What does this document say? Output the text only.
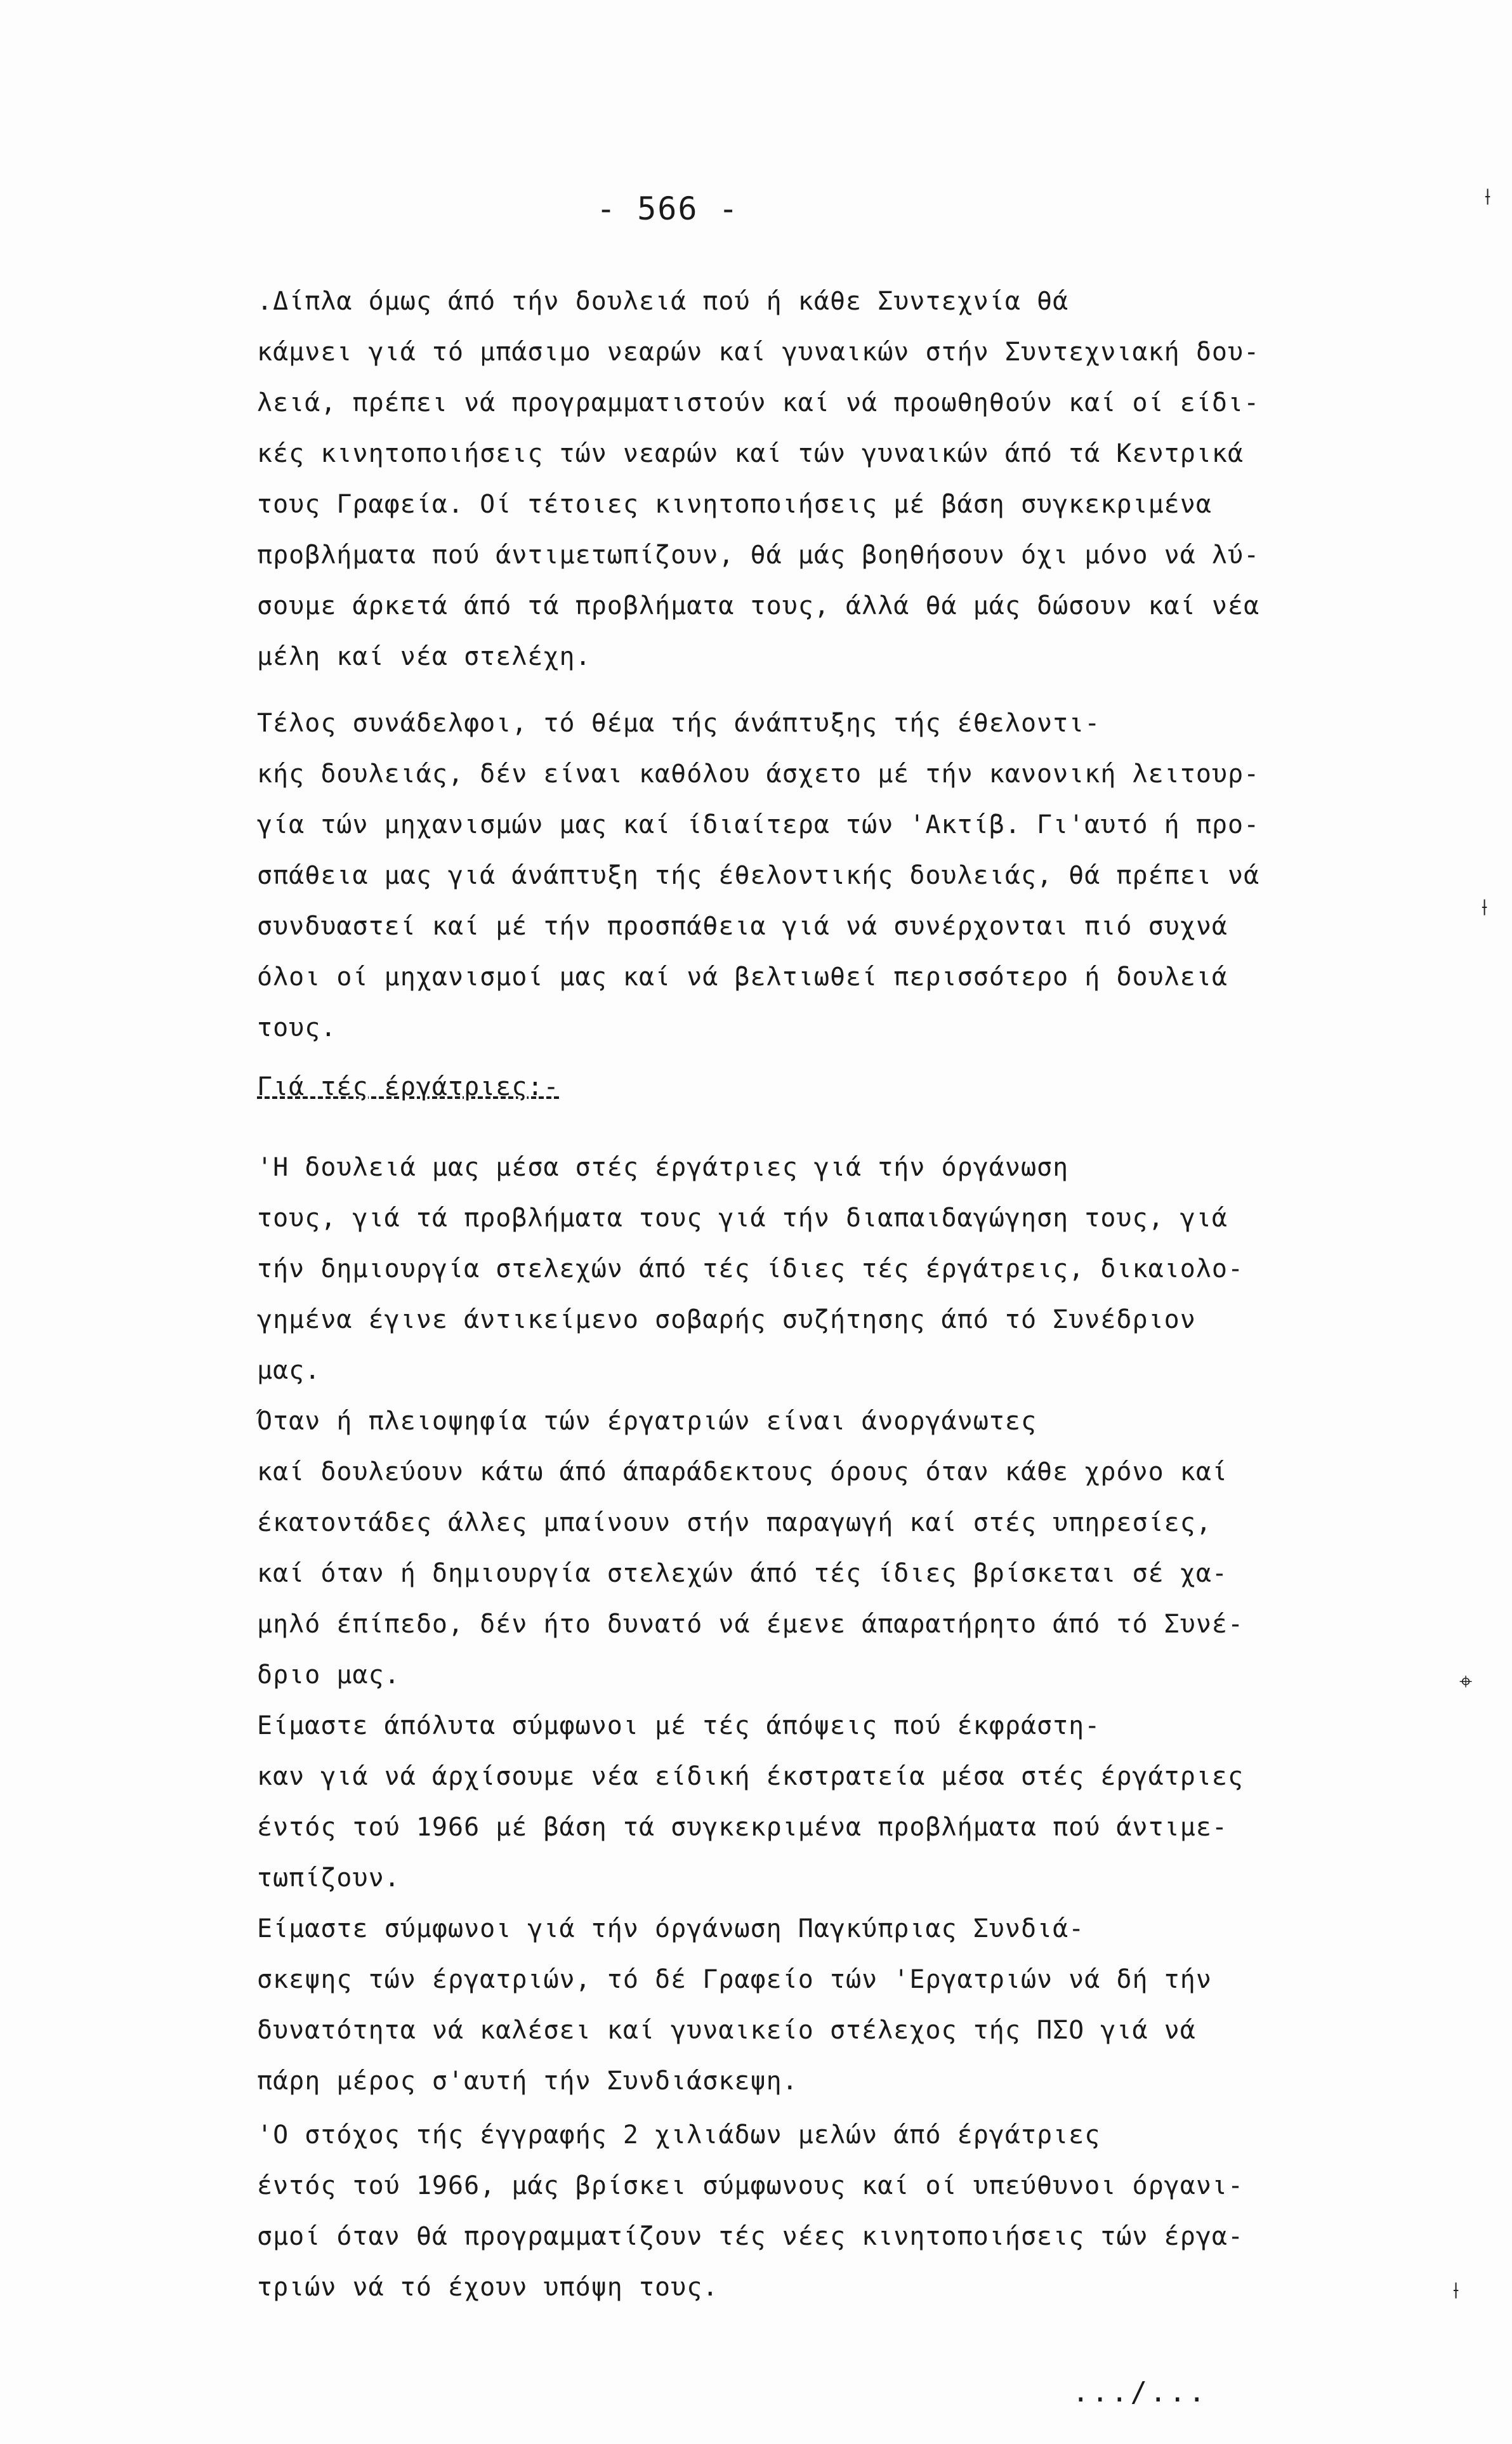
- 566 -
.Δίπλα όμως άπό τήν δουλειά πού ή κάθε Συντεχνία θά
κάμνει γιά τό μπάσιμο νεαρών καί γυναικών στήν Συντεχνιακή δου-
λειά, πρέπει νά προγραμματιστούν καί νά προωθηθούν καί οί είδι-
κές κινητοποιήσεις τών νεαρών καί τών γυναικών άπό τά Κεντρικά
τους Γραφεία. Οί τέτοιες κινητοποιήσεις μέ βάση συγκεκριμένα
προβλήματα πού άντιμετωπίζουν, θά μάς βοηθήσουν όχι μόνο νά λύ-
σουμε άρκετά άπό τά προβλήματα τους, άλλά θά μάς δώσουν καί νέα
μέλη καί νέα στελέχη.
Τέλος συνάδελφοι, τό θέμα τής άνάπτυξης τής έθελοντι-
κής δουλειάς, δέν είναι καθόλου άσχετο μέ τήν κανονική λειτουρ-
γία τών μηχανισμών μας καί ίδιαίτερα τών 'Ακτίβ. Γι'αυτό ή προ-
σπάθεια μας γιά άνάπτυξη τής έθελοντικής δουλειάς, θά πρέπει νά
συνδυαστεί καί μέ τήν προσπάθεια γιά νά συνέρχονται πιό συχνά
όλοι οί μηχανισμοί μας καί νά βελτιωθεί περισσότερο ή δουλειά
τους.
Γιά τές έργάτριες:-
'Η δουλειά μας μέσα στές έργάτριες γιά τήν όργάνωση
τους, γιά τά προβλήματα τους γιά τήν διαπαιδαγώγηση τους, γιά
τήν δημιουργία στελεχών άπό τές ίδιες τές έργάτρεις, δικαιολο-
γημένα έγινε άντικείμενο σοβαρής συζήτησης άπό τό Συνέδριον
μας.
Όταν ή πλειοψηφία τών έργατριών είναι άνοργάνωτες
καί δουλεύουν κάτω άπό άπαράδεκτους όρους όταν κάθε χρόνο καί
έκατοντάδες άλλες μπαίνουν στήν παραγωγή καί στές υπηρεσίες,
καί όταν ή δημιουργία στελεχών άπό τές ίδιες βρίσκεται σέ χα-
μηλό έπίπεδο, δέν ήτο δυνατό νά έμενε άπαρατήρητο άπό τό Συνέ-
δριο μας.
Είμαστε άπόλυτα σύμφωνοι μέ τές άπόψεις πού έκφράστη-
καν γιά νά άρχίσουμε νέα είδική έκστρατεία μέσα στές έργάτριες
έντός τού 1966 μέ βάση τά συγκεκριμένα προβλήματα πού άντιμε-
τωπίζουν.
Είμαστε σύμφωνοι γιά τήν όργάνωση Παγκύπριας Συνδιά-
σκεψης τών έργατριών, τό δέ Γραφείο τών 'Εργατριών νά δή τήν
δυνατότητα νά καλέσει καί γυναικείο στέλεχος τής ΠΣΟ γιά νά
πάρη μέρος σ'αυτή τήν Συνδιάσκεψη.
'Ο στόχος τής έγγραφής 2 χιλιάδων μελών άπό έργάτριες
έντός τού 1966, μάς βρίσκει σύμφωνους καί οί υπεύθυνοι όργανι-
σμοί όταν θά προγραμματίζουν τές νέες κινητοποιήσεις τών έργα-
τριών νά τό έχουν υπόψη τους.
.../...
⟊
⟊
⌖
⟊
